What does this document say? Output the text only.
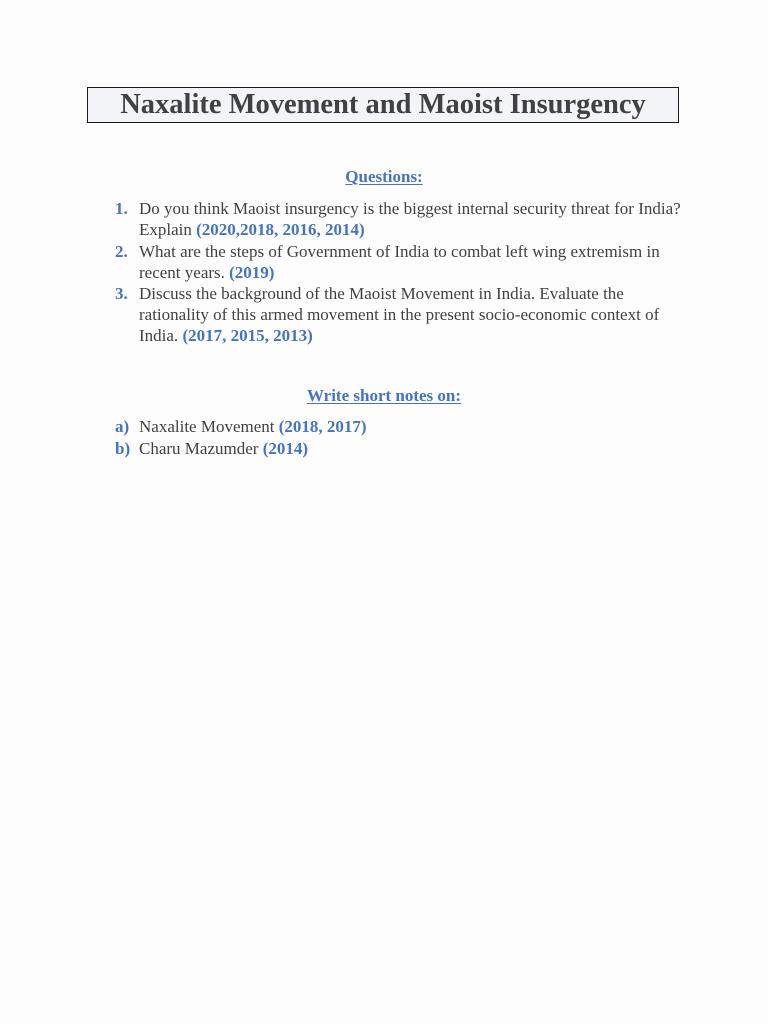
Naxalite Movement and Maoist Insurgency
Questions:
1. Do you think Maoist insurgency is the biggest internal security threat for India? Explain (2020,2018, 2016, 2014)
2. What are the steps of Government of India to combat left wing extremism in recent years. (2019)
3. Discuss the background of the Maoist Movement in India. Evaluate the rationality of this armed movement in the present socio-economic context of India. (2017, 2015, 2013)
Write short notes on:
a) Naxalite Movement (2018, 2017)
b) Charu Mazumder (2014)
